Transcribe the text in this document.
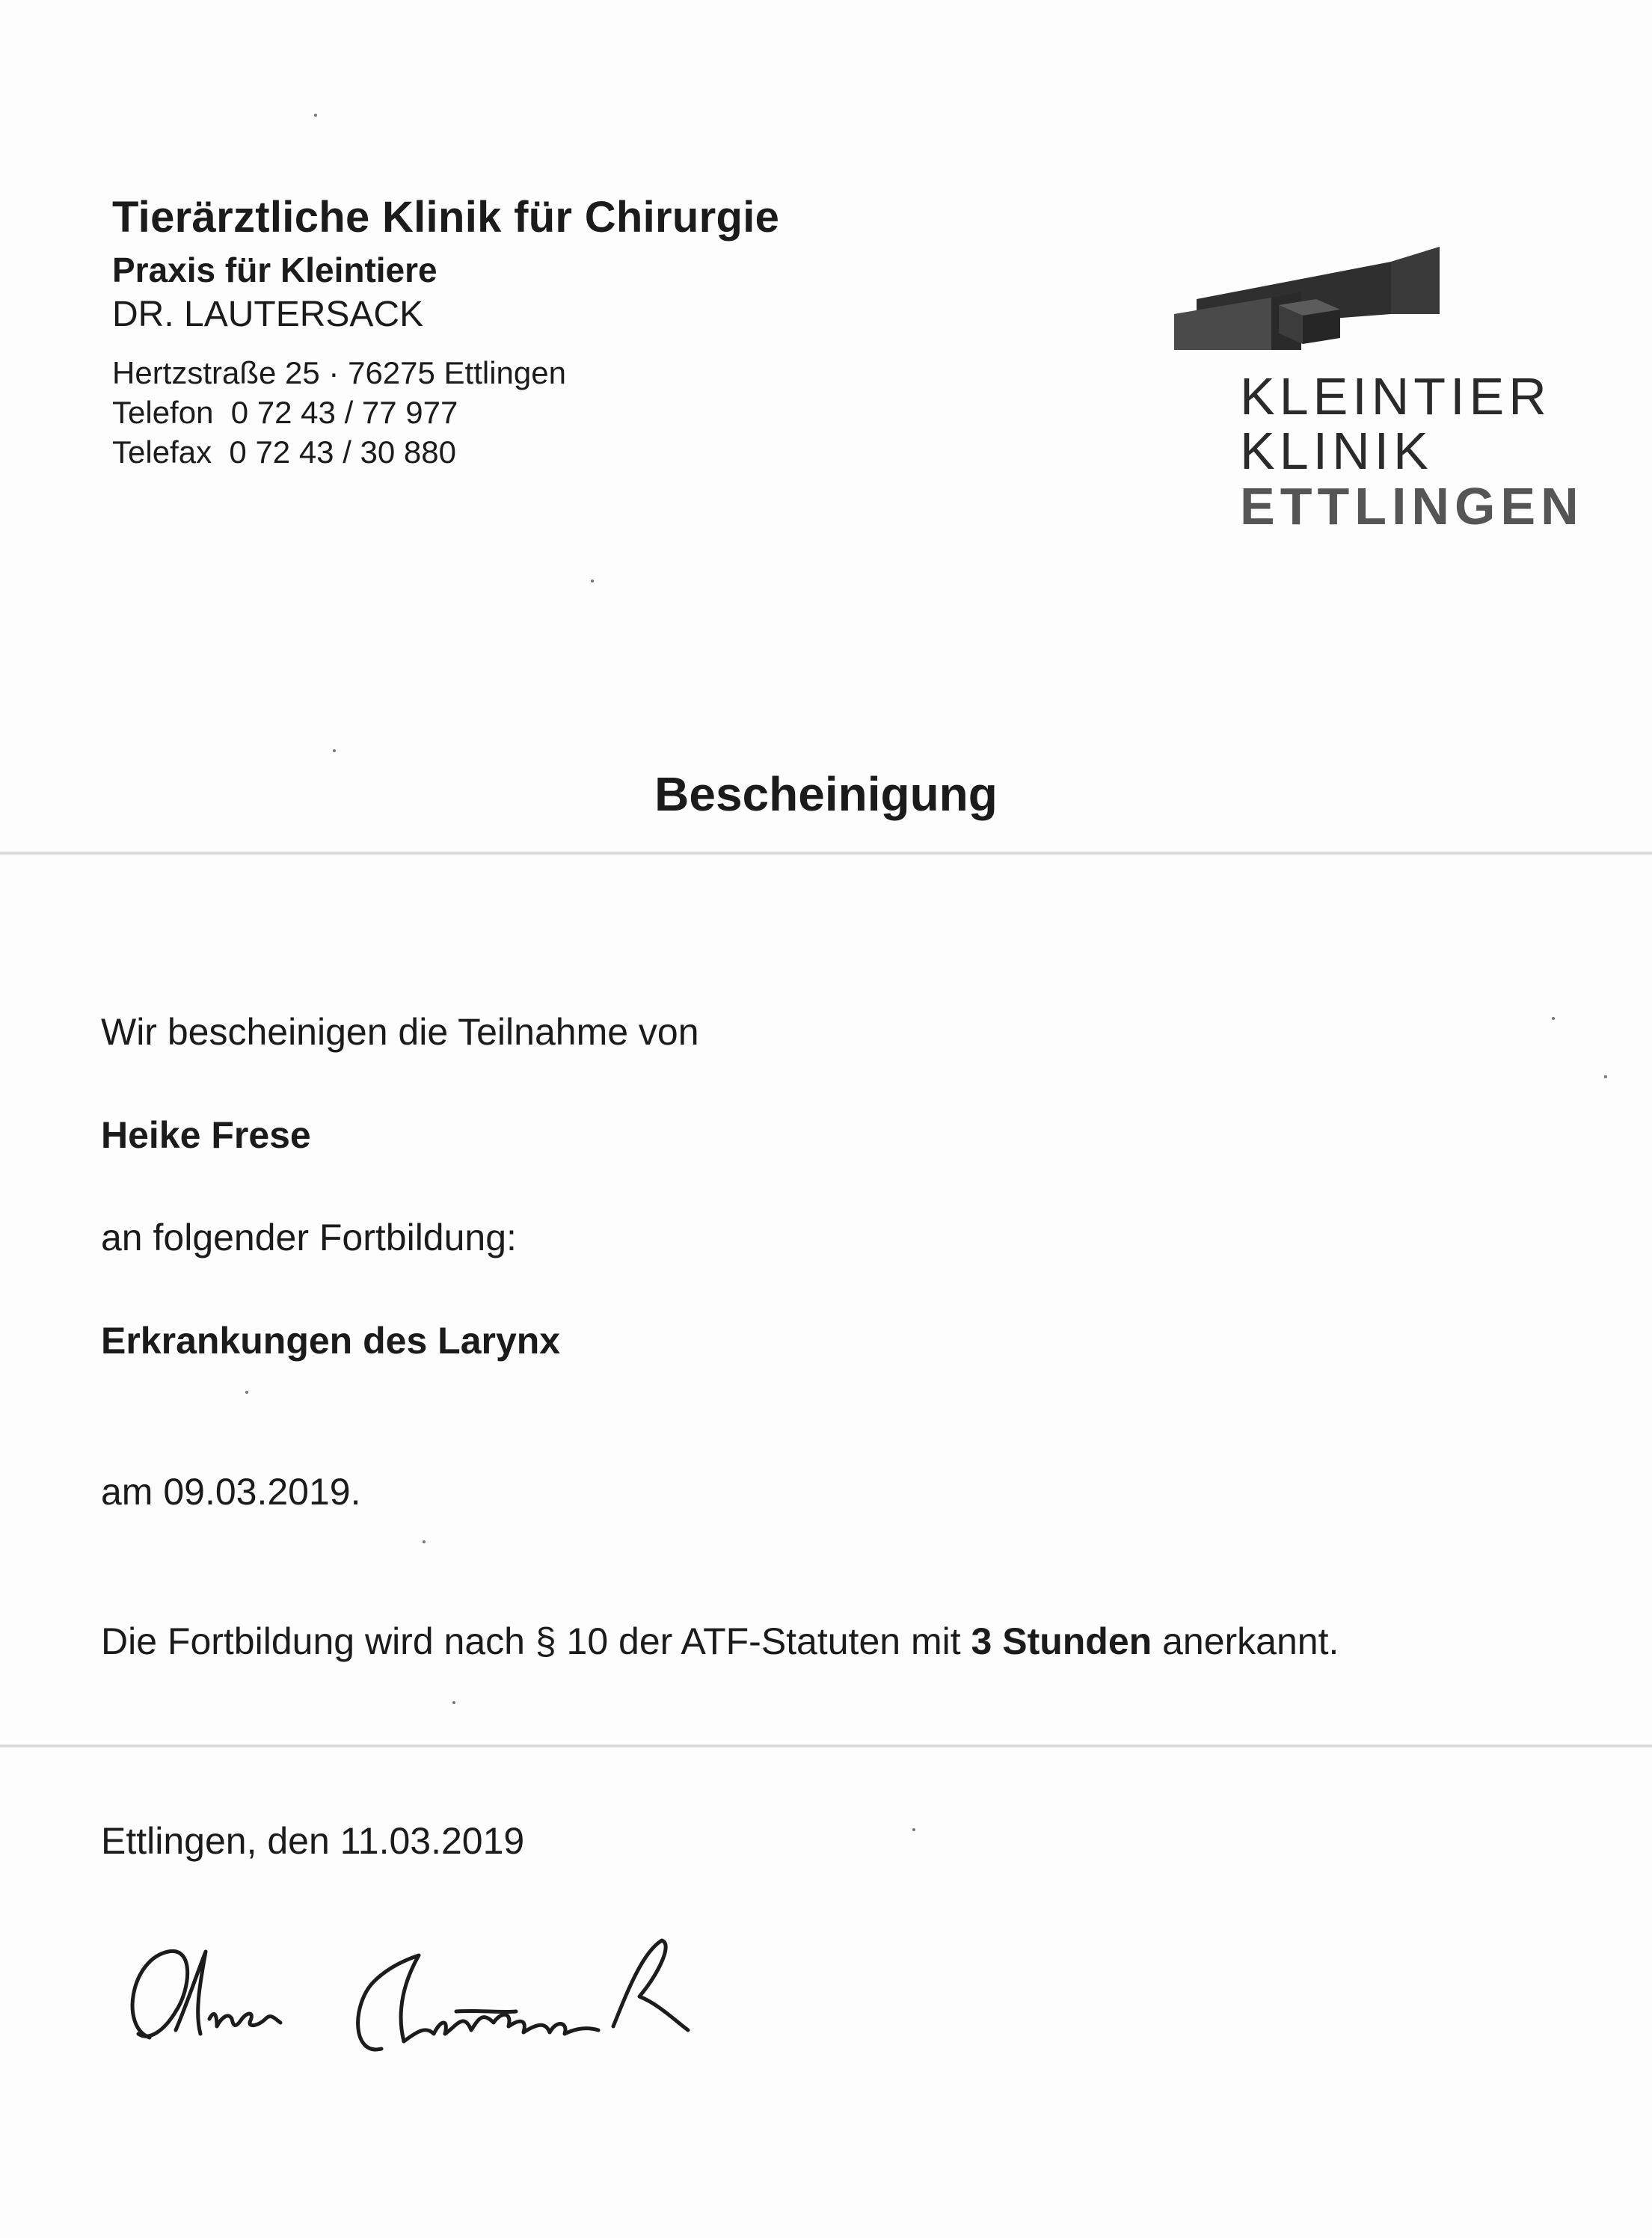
Tierärztliche Klinik für Chirurgie

Praxis für Kleintiere

DR. LAUTERSACK

Hertzstraße 25 · 76275 Ettlingen
Telefon  0 72 43 / 77 977
Telefax  0 72 43 / 30 880
KLEINTIER
KLINIK
ETTLINGEN
Bescheinigung

Wir bescheinigen die Teilnahme von

Heike Frese

an folgender Fortbildung:

Erkrankungen des Larynx

am 09.03.2019.

Die Fortbildung wird nach § 10 der ATF-Statuten mit 3 Stunden anerkannt.

Ettlingen, den 11.03.2019
